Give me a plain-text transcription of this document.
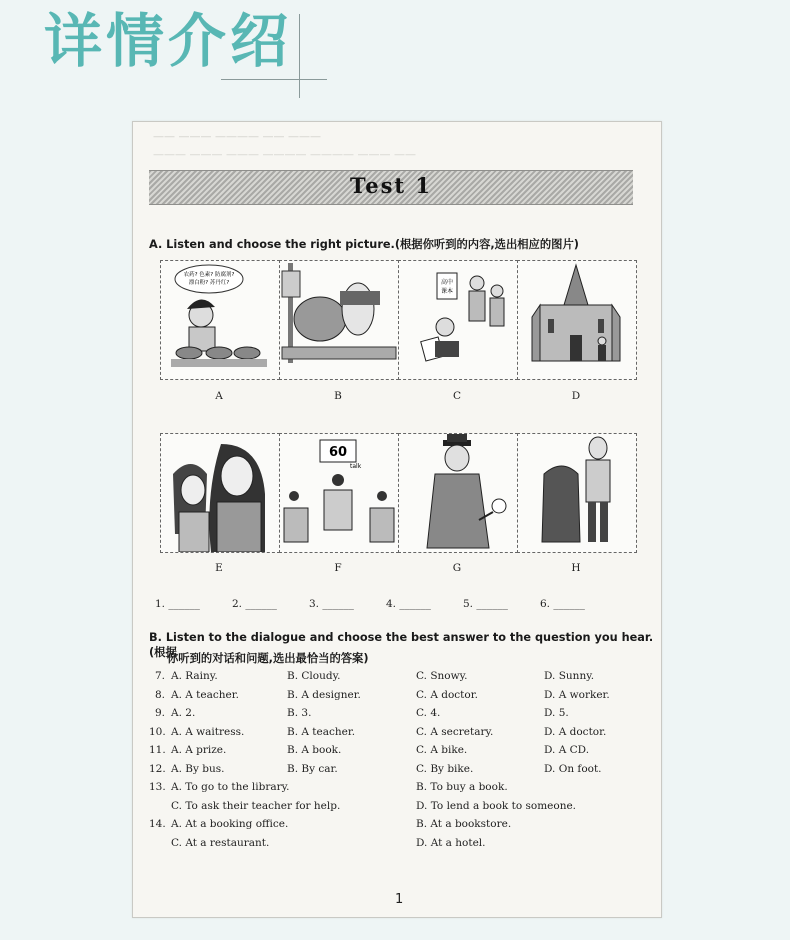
详情介绍
—— ——— ———— —— ———
——— ——— ——— ———— ———— ——— ——
Test 1
A. Listen and choose the right picture.(根据你听到的内容,选出相应的图片)
农药? 色素? 防腐剂?
漂白粉? 苏丹红?	高中
课本
A	B	C	D
60
talk
E	F	G	H
1. ______	2. ______	3. ______	4. ______	5. ______	6. ______
B. Listen to the dialogue and choose the best answer to the question you hear.(根据
你听到的对话和问题,选出最恰当的答案)
7. A. Rainy.	B. Cloudy.	C. Snowy.	D. Sunny.
8. A. A teacher.	B. A designer.	C. A doctor.	D. A worker.
9. A. 2.	B. 3.	C. 4.	D. 5.
10. A. A waitress.	B. A teacher.	C. A secretary.	D. A doctor.
11. A. A prize.	B. A book.	C. A bike.	D. A CD.
12. A. By bus.	B. By car.	C. By bike.	D. On foot.
13. A. To go to the library.	B. To buy a book.
C. To ask their teacher for help.	D. To lend a book to someone.
14. A. At a booking office.	B. At a bookstore.
C. At a restaurant.	D. At a hotel.
1
